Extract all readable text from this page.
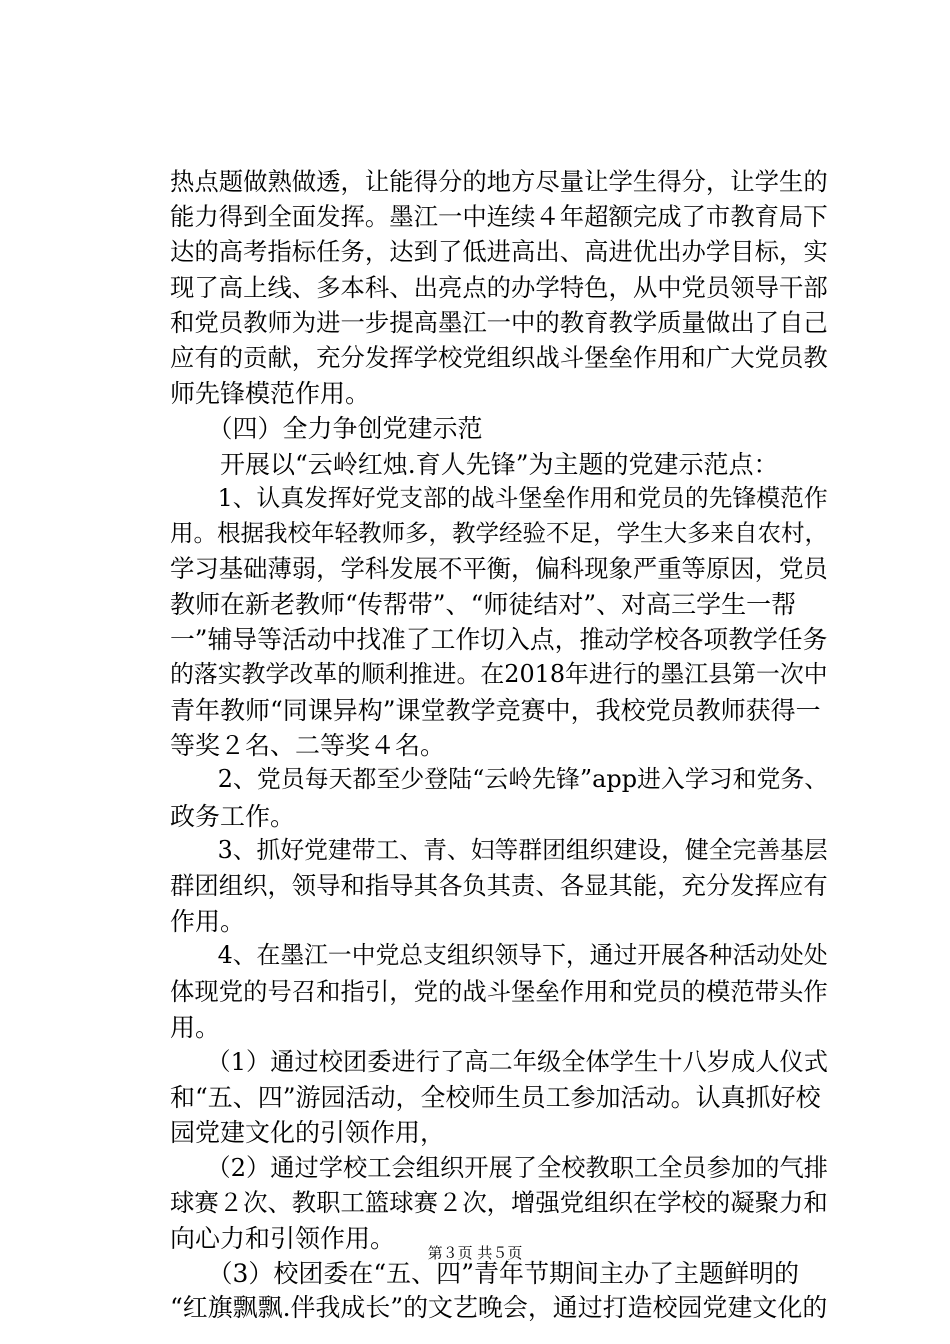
热点题做熟做透，让能得分的地方尽量让学生得分，让学生的
能力得到全面发挥。墨江一中连续４年超额完成了市教育局下
达的高考指标任务，达到了低进高出、高进优出办学目标，实
现了高上线、多本科、出亮点的办学特色，从中党员领导干部
和党员教师为进一步提高墨江一中的教育教学质量做出了自己
应有的贡献，充分发挥学校党组织战斗堡垒作用和广大党员教
师先锋模范作用。
　　（四）全力争创党建示范
　　开展以“云岭红烛.育人先锋”为主题的党建示范点：
　　1、认真发挥好党支部的战斗堡垒作用和党员的先锋模范作
用。根据我校年轻教师多，教学经验不足，学生大多来自农村，
学习基础薄弱，学科发展不平衡，偏科现象严重等原因，党员
教师在新老教师“传帮带”、“师徒结对”、对高三学生一帮
一”辅导等活动中找准了工作切入点，推动学校各项教学任务
的落实教学改革的顺利推进。在2018年进行的墨江县第一次中
青年教师“同课异构”课堂教学竞赛中，我校党员教师获得一
等奖２名、二等奖４名。
　　2、党员每天都至少登陆“云岭先锋”app进入学习和党务、
政务工作。
　　3、抓好党建带工、青、妇等群团组织建设，健全完善基层
群团组织，领导和指导其各负其责、各显其能，充分发挥应有
作用。
　　4、在墨江一中党总支组织领导下，通过开展各种活动处处
体现党的号召和指引，党的战斗堡垒作用和党员的模范带头作
用。
　　（1）通过校团委进行了高二年级全体学生十八岁成人仪式
和“五、四”游园活动，全校师生员工参加活动。认真抓好校
园党建文化的引领作用，
　　（2）通过学校工会组织开展了全校教职工全员参加的气排
球赛２次、教职工篮球赛２次，增强党组织在学校的凝聚力和
向心力和引领作用。
　　（3）校团委在“五、四”青年节期间主办了主题鲜明的
“红旗飘飘.伴我成长”的文艺晚会，通过打造校园党建文化的
第３页 共５页
